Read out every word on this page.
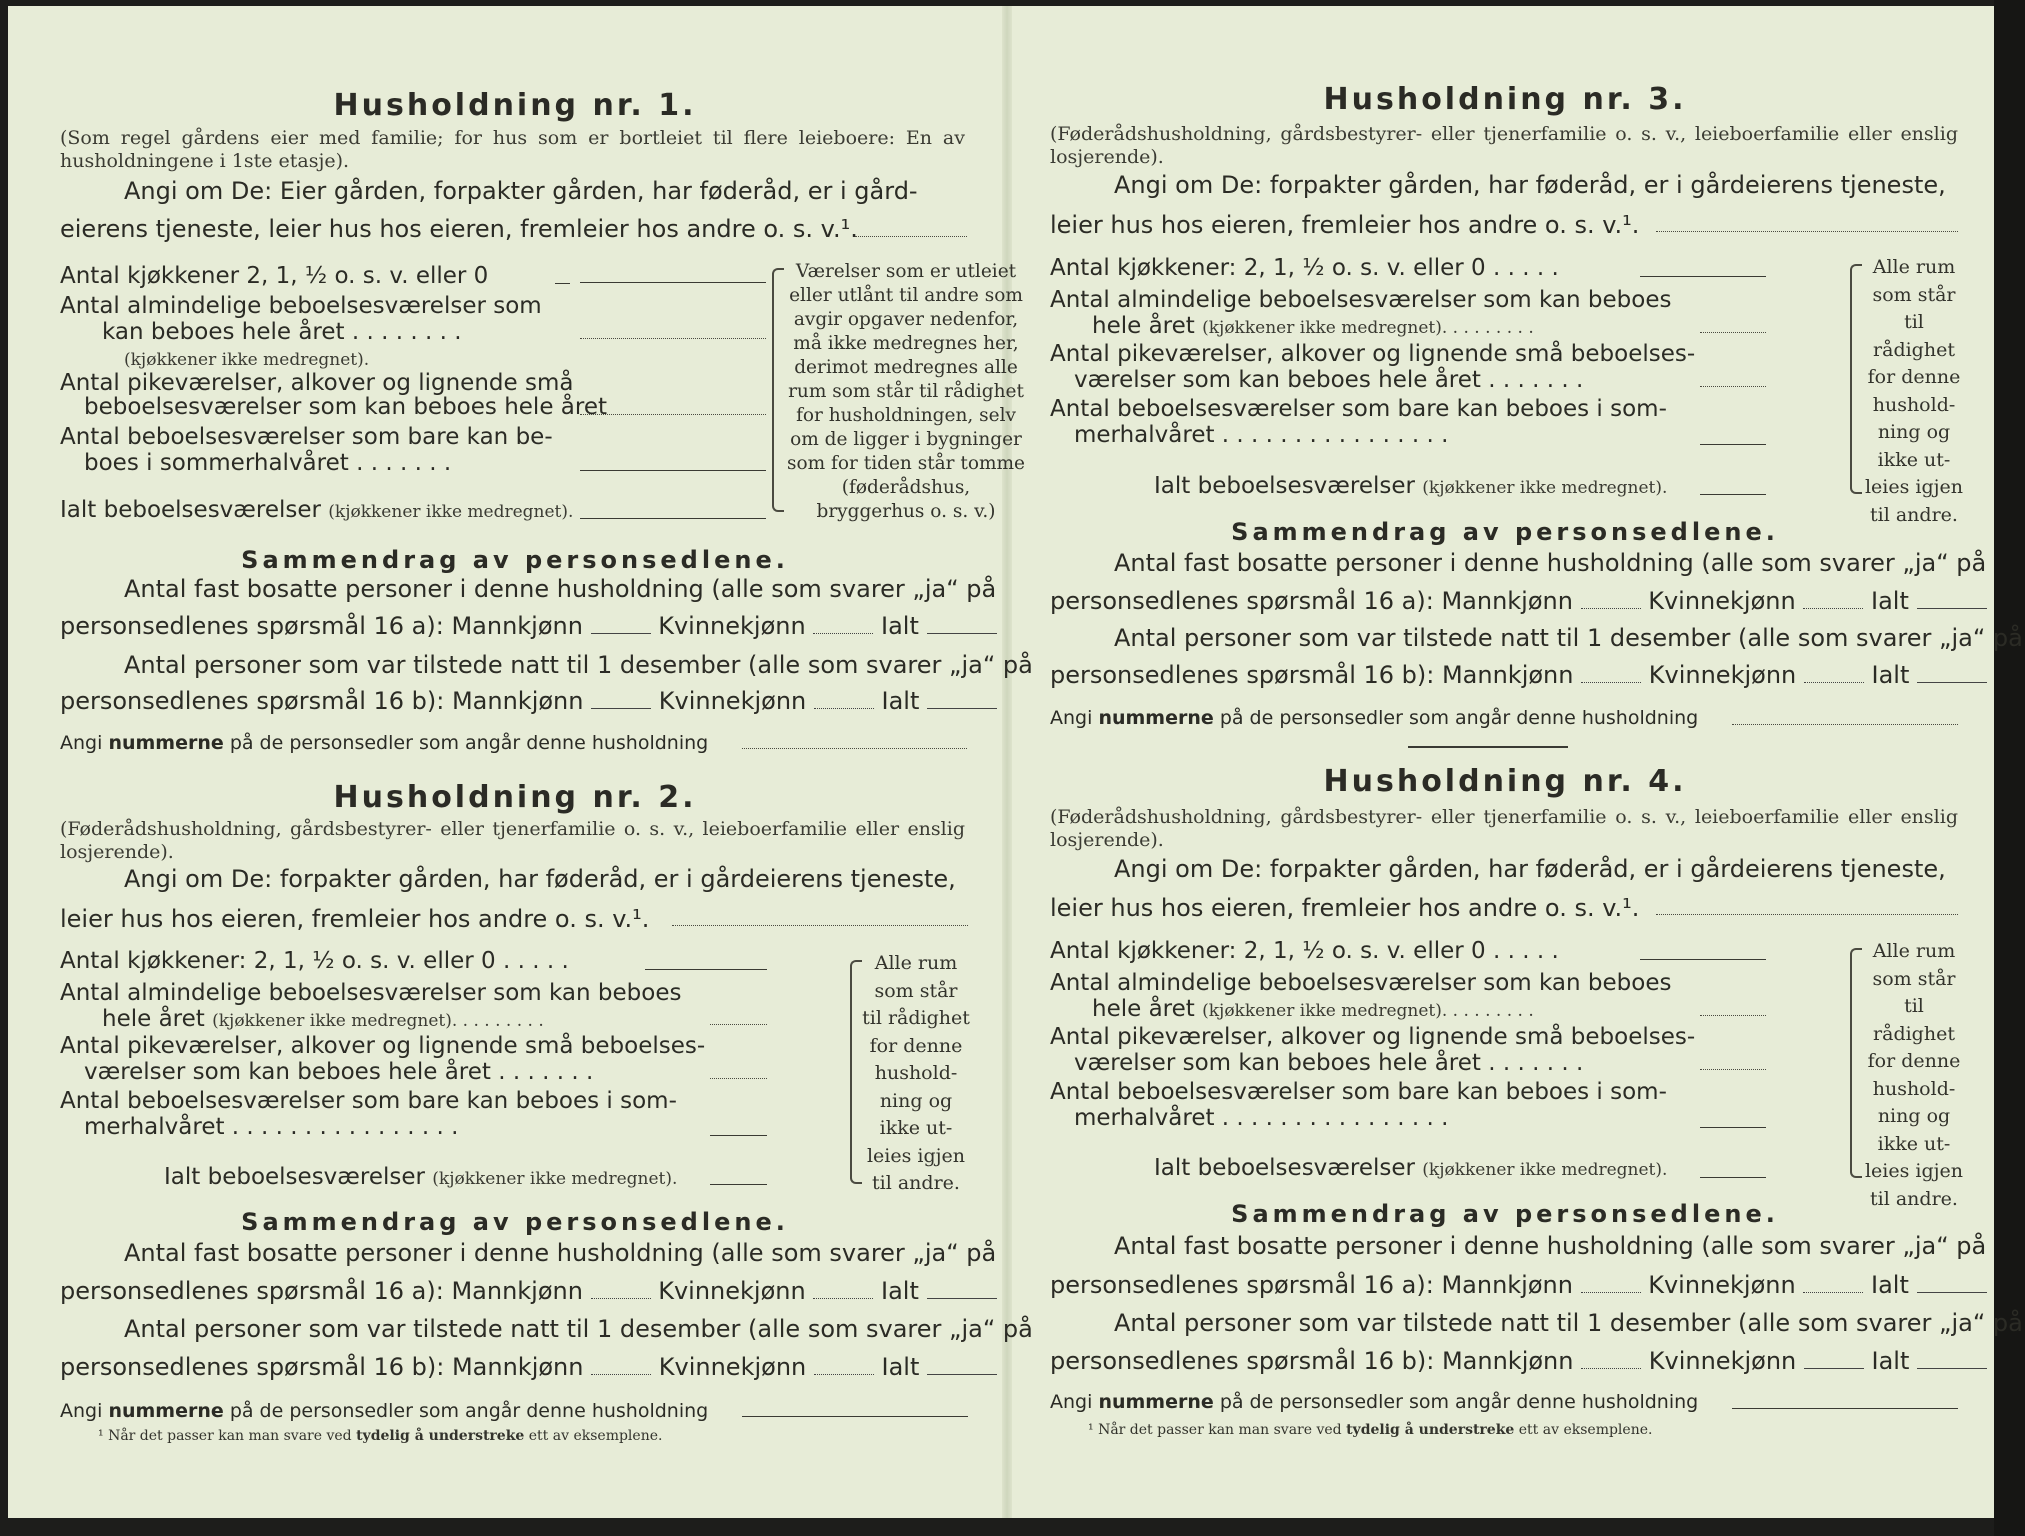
Husholdning nr. 1.
(Som regel gårdens eier med familie; for hus som er bortleiet til flere leieboere: En av husholdningene i 1ste etasje).
Angi om De: Eier gården, forpakter gården, har føderåd, er i gård-
eierens tjeneste, leier hus hos eieren, fremleier hos andre o. s. v.¹.
Antal kjøkkener 2, 1, ½ o. s. v. eller 0
Antal almindelige beboelsesværelser som
kan beboes hele året . . . . . . . .
(kjøkkener ikke medregnet).
Antal pikeværelser, alkover og lignende små
beboelsesværelser som kan beboes hele året
Antal beboelsesværelser som bare kan be-
boes i sommerhalvåret . . . . . . .
Ialt beboelsesværelser (kjøkkener ikke medregnet).
Værelser som er utleiet eller utlånt til andre som avgir opgaver nedenfor, må ikke medregnes her, derimot medregnes alle rum som står til rådighet for husholdningen, selv om de ligger i bygninger som for tiden står tomme (føderådshus, bryggerhus o. s. v.)
Sammendrag av personsedlene.
Antal fast bosatte personer i denne husholdning (alle som svarer „ja“ på
personsedlenes spørsmål 16 a): Mannkjønn	Kvinnekjønn	Ialt
Antal personer som var tilstede natt til 1 desember (alle som svarer „ja“ på
personsedlenes spørsmål 16 b): Mannkjønn	Kvinnekjønn	Ialt
Angi nummerne på de personsedler som angår denne husholdning
Husholdning nr. 2.
(Føderådshusholdning, gårdsbestyrer- eller tjenerfamilie o. s. v., leieboerfamilie eller enslig losjerende).
Angi om De: forpakter gården, har føderåd, er i gårdeierens tjeneste,
leier hus hos eieren, fremleier hos andre o. s. v.¹.
Antal kjøkkener: 2, 1, ½ o. s. v. eller 0 . . . . .
Antal almindelige beboelsesværelser som kan beboes
hele året (kjøkkener ikke medregnet). . . . . . . . .
Antal pikeværelser, alkover og lignende små beboelses-
værelser som kan beboes hele året . . . . . . .
Antal beboelsesværelser som bare kan beboes i som-
merhalvåret . . . . . . . . . . . . . . . .
Ialt beboelsesværelser (kjøkkener ikke medregnet).
Alle rum som står til rådighet for denne hushold-ning og ikke ut-leies igjen til andre.
Sammendrag av personsedlene.
Antal fast bosatte personer i denne husholdning (alle som svarer „ja“ på
personsedlenes spørsmål 16 a): Mannkjønn	Kvinnekjønn	Ialt
Antal personer som var tilstede natt til 1 desember (alle som svarer „ja“ på
personsedlenes spørsmål 16 b): Mannkjønn	Kvinnekjønn	Ialt
Angi nummerne på de personsedler som angår denne husholdning
¹ Når det passer kan man svare ved tydelig å understreke ett av eksemplene.
Husholdning nr. 3.
(Føderådshusholdning, gårdsbestyrer- eller tjenerfamilie o. s. v., leieboerfamilie eller enslig losjerende).
Angi om De: forpakter gården, har føderåd, er i gårdeierens tjeneste,
leier hus hos eieren, fremleier hos andre o. s. v.¹.
Antal kjøkkener: 2, 1, ½ o. s. v. eller 0 . . . . .
Antal almindelige beboelsesværelser som kan beboes
hele året (kjøkkener ikke medregnet). . . . . . . . .
Antal pikeværelser, alkover og lignende små beboelses-
værelser som kan beboes hele året . . . . . . .
Antal beboelsesværelser som bare kan beboes i som-
merhalvåret . . . . . . . . . . . . . . . .
Ialt beboelsesværelser (kjøkkener ikke medregnet).
Alle rum som står til rådighet for denne hushold-ning og ikke ut-leies igjen til andre.
Sammendrag av personsedlene.
Antal fast bosatte personer i denne husholdning (alle som svarer „ja“ på
personsedlenes spørsmål 16 a): Mannkjønn	Kvinnekjønn	Ialt
Antal personer som var tilstede natt til 1 desember (alle som svarer „ja“ på
personsedlenes spørsmål 16 b): Mannkjønn	Kvinnekjønn	Ialt
Angi nummerne på de personsedler som angår denne husholdning
Husholdning nr. 4.
(Føderådshusholdning, gårdsbestyrer- eller tjenerfamilie o. s. v., leieboerfamilie eller enslig losjerende).
Angi om De: forpakter gården, har føderåd, er i gårdeierens tjeneste,
leier hus hos eieren, fremleier hos andre o. s. v.¹.
Antal kjøkkener: 2, 1, ½ o. s. v. eller 0 . . . . .
Antal almindelige beboelsesværelser som kan beboes
hele året (kjøkkener ikke medregnet). . . . . . . . .
Antal pikeværelser, alkover og lignende små beboelses-
værelser som kan beboes hele året . . . . . . .
Antal beboelsesværelser som bare kan beboes i som-
merhalvåret . . . . . . . . . . . . . . . .
Ialt beboelsesværelser (kjøkkener ikke medregnet).
Alle rum som står til rådighet for denne hushold-ning og ikke ut-leies igjen til andre.
Sammendrag av personsedlene.
Antal fast bosatte personer i denne husholdning (alle som svarer „ja“ på
personsedlenes spørsmål 16 a): Mannkjønn	Kvinnekjønn	Ialt
Antal personer som var tilstede natt til 1 desember (alle som svarer „ja“ på
personsedlenes spørsmål 16 b): Mannkjønn	Kvinnekjønn	Ialt
Angi nummerne på de personsedler som angår denne husholdning
¹ Når det passer kan man svare ved tydelig å understreke ett av eksemplene.
